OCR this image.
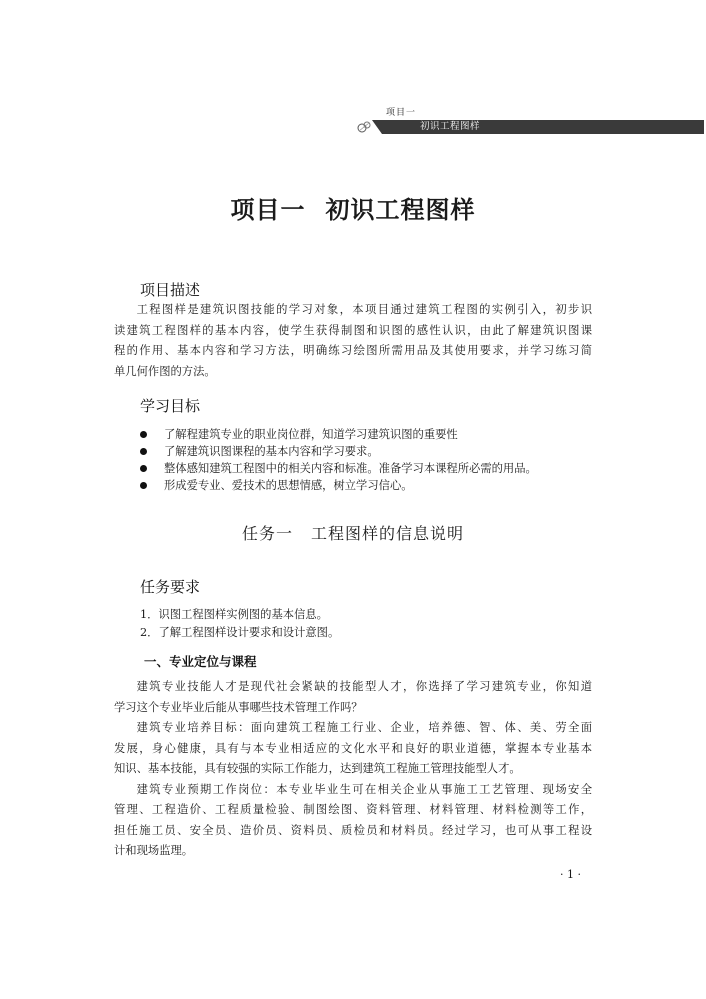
项目一
初识工程图样
项目一 初识工程图样
项目描述
工程图样是建筑识图技能的学习对象，本项目通过建筑工程图的实例引入，初步识
读建筑工程图样的基本内容，使学生获得制图和识图的感性认识，由此了解建筑识图课
程的作用、基本内容和学习方法，明确练习绘图所需用品及其使用要求，并学习练习简
单几何作图的方法。
学习目标
了解程建筑专业的职业岗位群，知道学习建筑识图的重要性
了解建筑识图课程的基本内容和学习要求。
整体感知建筑工程图中的相关内容和标准。准备学习本课程所必需的用品。
形成爱专业、爱技术的思想情感，树立学习信心。
任务一 工程图样的信息说明
任务要求
1．识图工程图样实例图的基本信息。
2．了解工程图样设计要求和设计意图。
一、专业定位与课程
建筑专业技能人才是现代社会紧缺的技能型人才，你选择了学习建筑专业，你知道
学习这个专业毕业后能从事哪些技术管理工作吗？
建筑专业培养目标：面向建筑工程施工行业、企业，培养德、智、体、美、劳全面
发展，身心健康，具有与本专业相适应的文化水平和良好的职业道德，掌握本专业基本
知识、基本技能，具有较强的实际工作能力，达到建筑工程施工管理技能型人才。
建筑专业预期工作岗位：本专业毕业生可在相关企业从事施工工艺管理、现场安全
管理、工程造价、工程质量检验、制图绘图、资料管理、材料管理、材料检测等工作，
担任施工员、安全员、造价员、资料员、质检员和材料员。经过学习，也可从事工程设
计和现场监理。
· 1 ·
